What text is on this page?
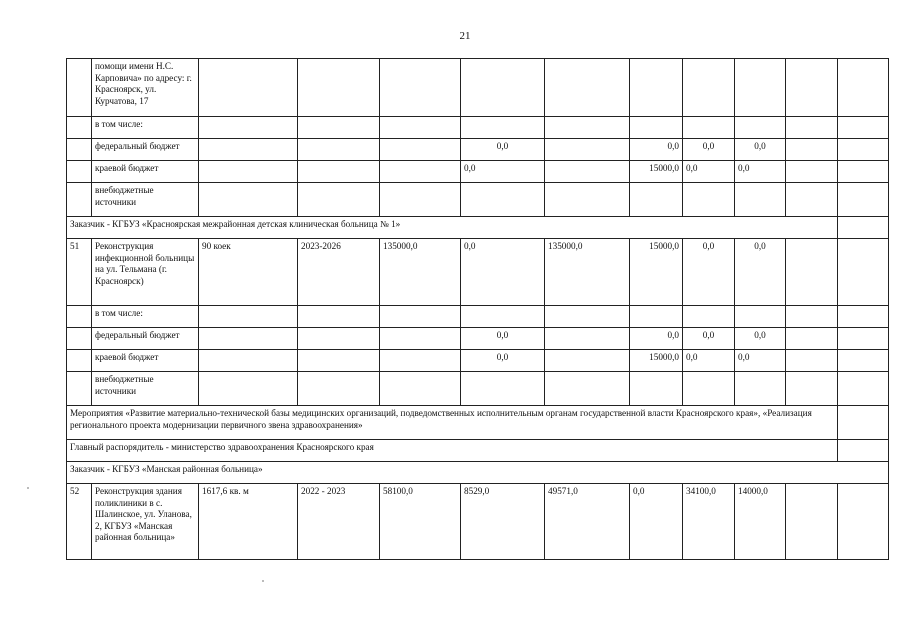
21
	помощи имени Н.С. Карповича» по адресу: г. Красноярск, ул. Курчатова, 17										
	в том числе:										
	федеральный бюджет				0,0		0,0	0,0	0,0		
	краевой бюджет				0,0		15000,0	0,0	0,0		
	внебюджетные источники										
Заказчик - КГБУЗ «Красноярская межрайонная детская клиническая больница № 1»											
51	Реконструкция инфекционной больницы на ул. Тельмана (г. Красноярск)	90 коек	2023-2026	135000,0	0,0	135000,0	15000,0	0,0	0,0		
	в том числе:										
	федеральный бюджет				0,0		0,0	0,0	0,0		
	краевой бюджет				0,0		15000,0	0,0	0,0		
	внебюджетные источники										
Мероприятия «Развитие материально-технической базы медицинских организаций, подведомственных исполнительным органам государственной власти Красноярского края», «Реализация регионального проекта модернизации первичного звена здравоохранения»											
Главный распорядитель - министерство здравоохранения Красноярского края											
Заказчик - КГБУЗ «Манская районная больница»											
52	Реконструкция здания поликлиники в с. Шалинское, ул. Уланова, 2, КГБУЗ «Манская районная больница»	1617,6 кв. м	2022 - 2023	58100,0	8529,0	49571,0	0,0	34100,0	14000,0		
